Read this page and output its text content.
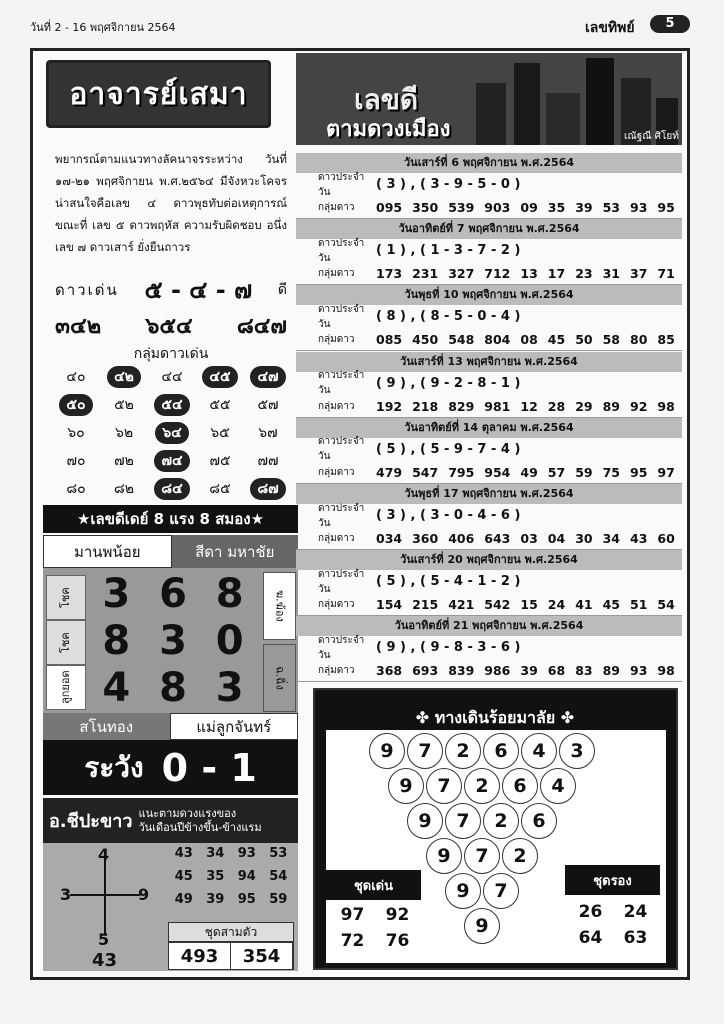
วันที่ 2 - 16 พฤศจิกายน 2564	เลขทิพย์	5
อาจารย์เสมา
พยากรณ์ตามแนวทางลัคนาจรระหว่าง วันที่ ๑๗-๒๑ พฤศจิกายน พ.ศ.๒๕๖๔ มีจังหวะโคจรน่าสนใจคือเลข ๔ ดาวพุธทับต่อเหตุการณ์ ขณะที่ เลข ๕ ดาวพฤหัส ความรับผิดชอบ อนึ่ง เลข ๗ ดาวเสาร์ ยั่งยืนถาวร
ดาวเด่น ๕ - ๔ - ๗ ดี
๓๔๒ ๖๕๔ ๘๔๗
กลุ่มดาวเด่น
๔๐	๔๒	๔๔	๔๕	๔๗
๕๐	๕๒	๕๔	๕๕ ๕๗
๖๐ ๖๒	๖๔	๖๕ ๖๗
๗๐ ๗๒	๗๔	๗๕ ๗๗
๘๐ ๘๒	๘๔	๘๕	๘๗
★เลขดีเดย์ 8 แรง 8 สมอง★
มานพน้อย	สีดา มหาชัย
โชค
โชค
ลูกยอด
3 6 8
8 3 0
4 8 3
ฆ.ฆ้อง
ฉ.ฉิ่ง
สโนทอง	แม่ลูกจันทร์
ระวัง 0 - 1
อ.ชีปะขาว แนะตามดวงแรงของ
วันเดือนปีข้างขึ้น-ข้างแรม
4
3	9
5
43
43	34	93	53
45	35	94	54
49	39	95	59
ชุดสามตัว
493	354
เลขดี
ตามดวงเมือง	เณัฐณี ศิโยท์
วันเสาร์ที่ 6 พฤศจิกายน พ.ศ.2564
ดาวประจำวัน	( 3 ) , ( 3 - 9 - 5 - 0 )
กลุ่มดาว	095 350 539 903 09 35 39 53 93 95
วันอาทิตย์ที่ 7 พฤศจิกายน พ.ศ.2564
ดาวประจำวัน	( 1 ) , ( 1 - 3 - 7 - 2 )
กลุ่มดาว	173 231 327 712 13 17 23 31 37 71
วันพุธที่ 10 พฤศจิกายน พ.ศ.2564
ดาวประจำวัน	( 8 ) , ( 8 - 5 - 0 - 4 )
กลุ่มดาว	085 450 548 804 08 45 50 58 80 85
วันเสาร์ที่ 13 พฤศจิกายน พ.ศ.2564
ดาวประจำวัน	( 9 ) , ( 9 - 2 - 8 - 1 )
กลุ่มดาว	192 218 829 981 12 28 29 89 92 98
วันอาทิตย์ที่ 14 ตุลาคม พ.ศ.2564
ดาวประจำวัน	( 5 ) , ( 5 - 9 - 7 - 4 )
กลุ่มดาว	479 547 795 954 49 57 59 75 95 97
วันพุธที่ 17 พฤศจิกายน พ.ศ.2564
ดาวประจำวัน	( 3 ) , ( 3 - 0 - 4 - 6 )
กลุ่มดาว	034 360 406 643 03 04 30 34 43 60
วันเสาร์ที่ 20 พฤศจิกายน พ.ศ.2564
ดาวประจำวัน	( 5 ) , ( 5 - 4 - 1 - 2 )
กลุ่มดาว	154 215 421 542 15 24 41 45 51 54
วันอาทิตย์ที่ 21 พฤศจิกายน พ.ศ.2564
ดาวประจำวัน	( 9 ) , ( 9 - 8 - 3 - 6 )
กลุ่มดาว	368 693 839 986 39 68 83 89 93 98
✤ ทางเดินร้อยมาลัย ✤
9	7	2	6	4	3
9	7	2	6	4
9	7	2	6
9	7	2
9	7
9
ชุดเด่น
97	92
72	76
ชุดรอง
26	24
64	63
